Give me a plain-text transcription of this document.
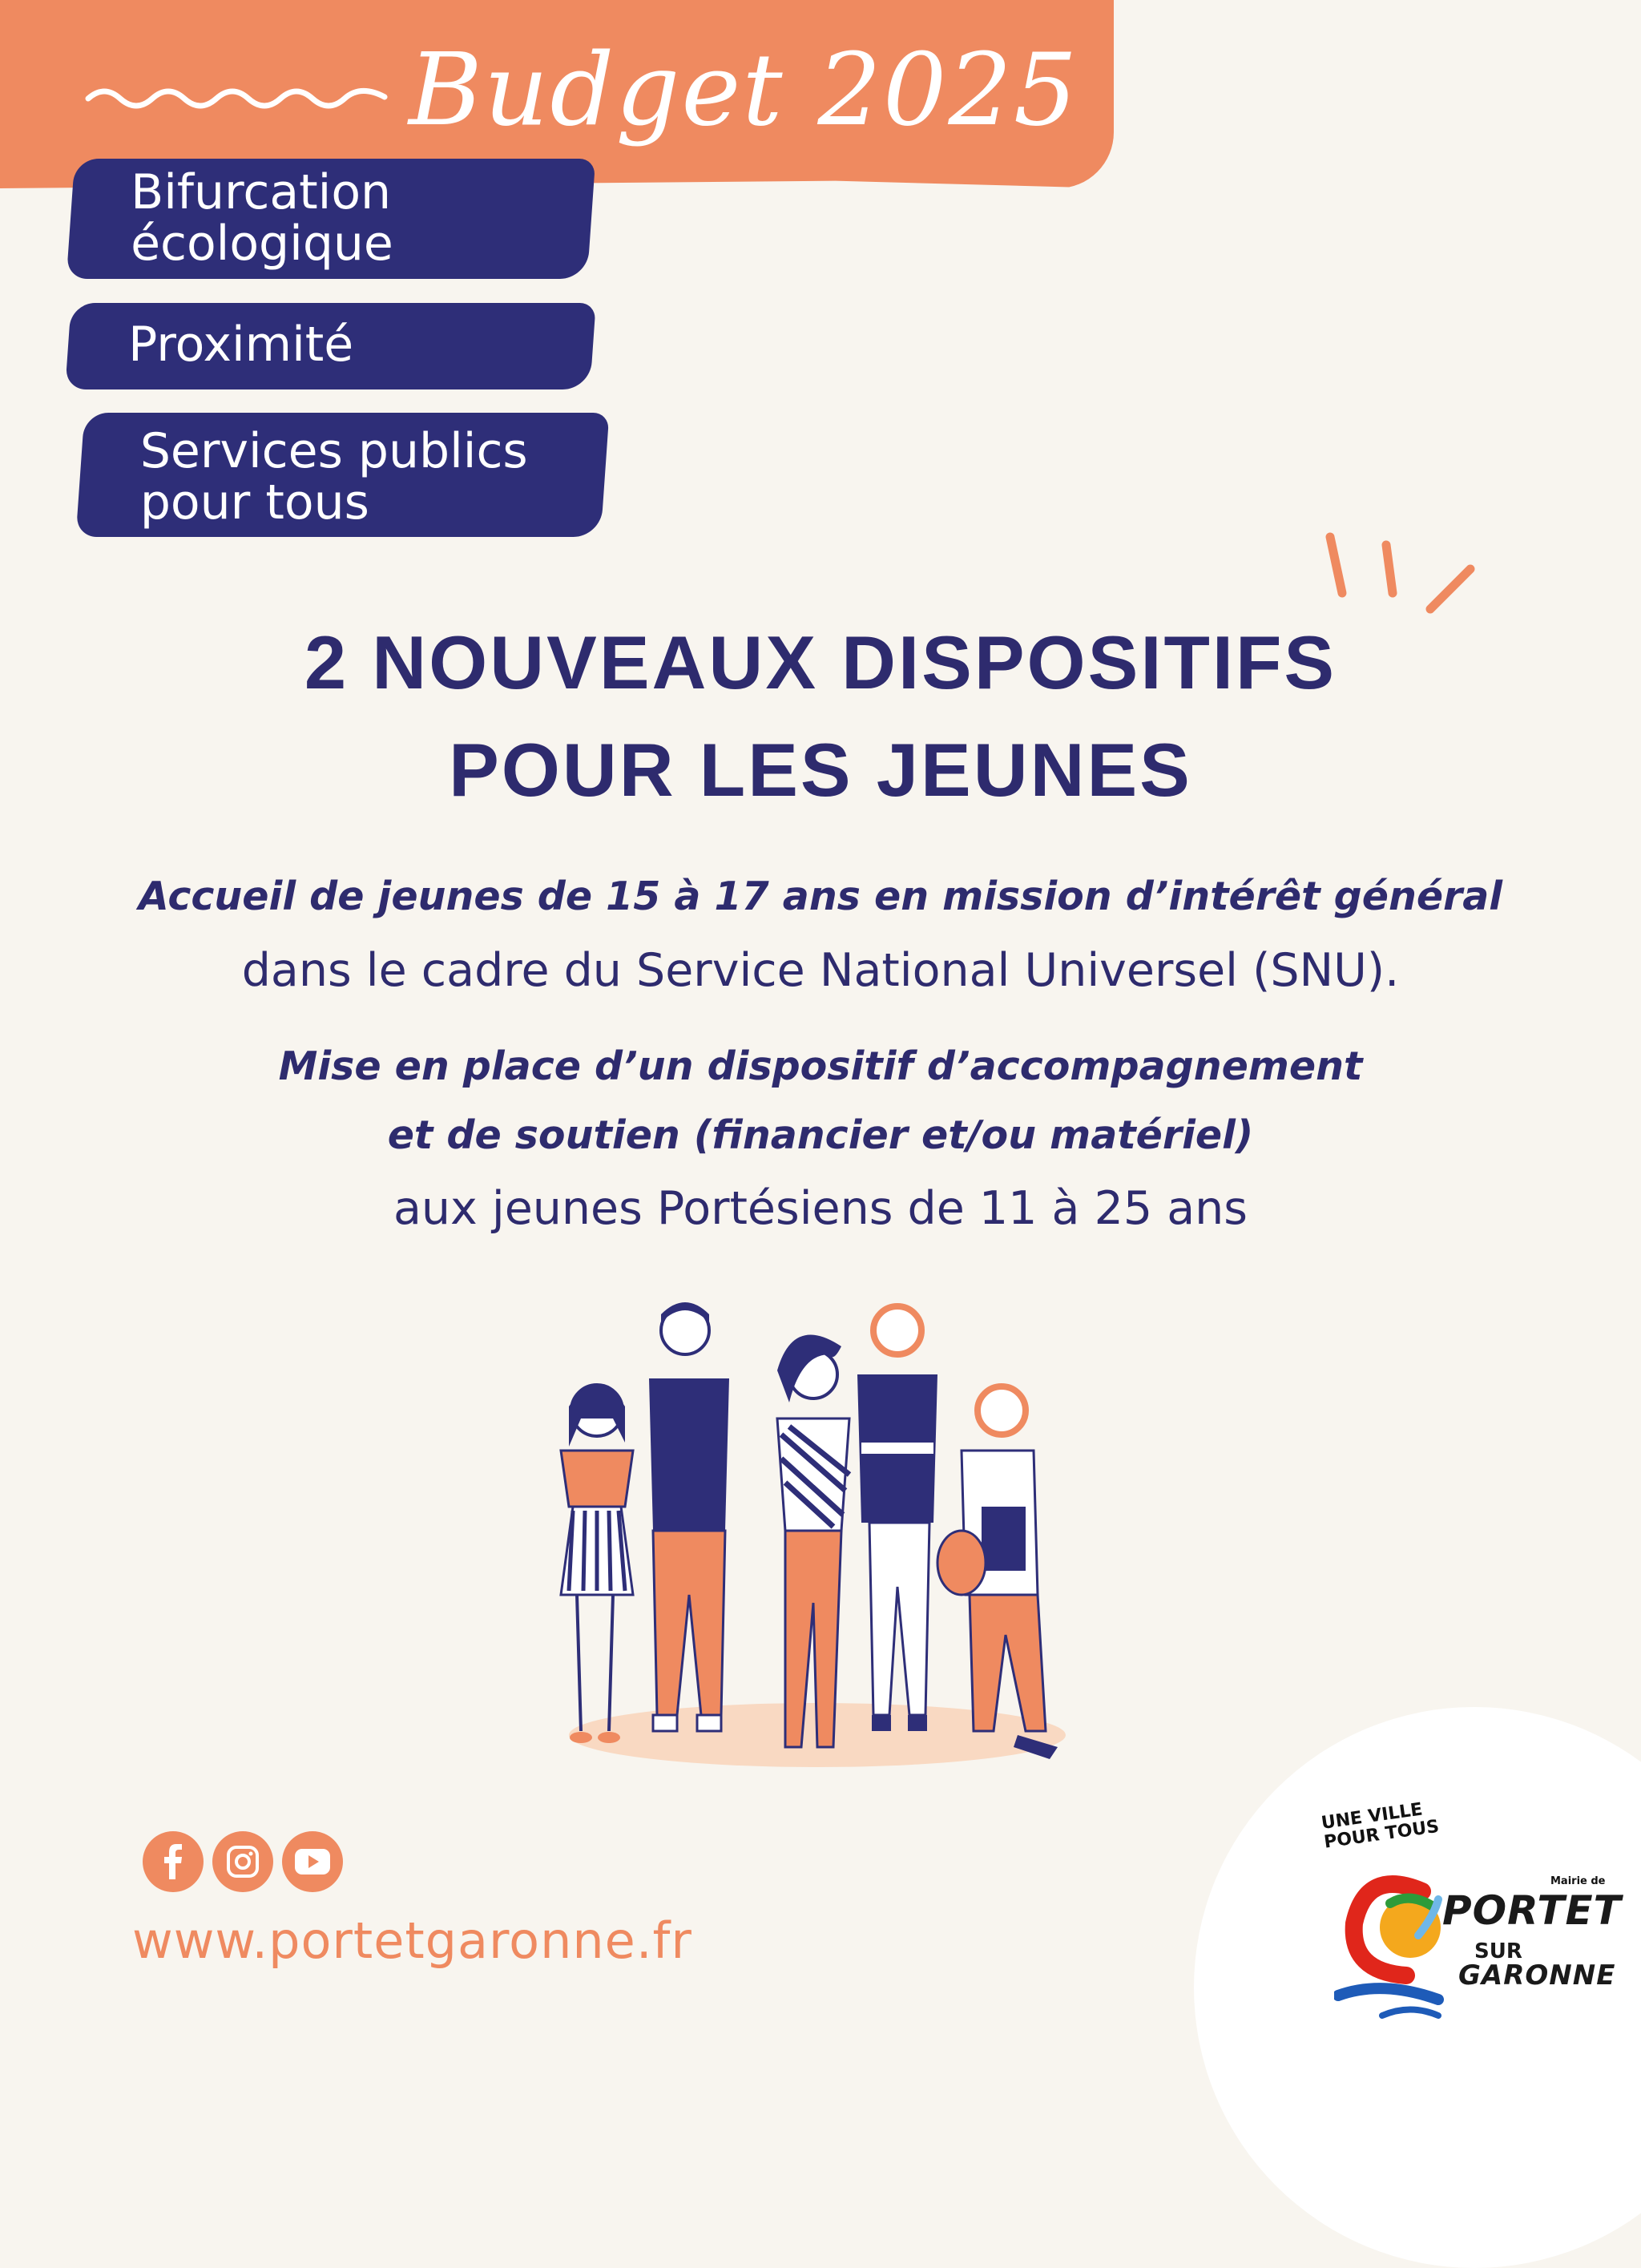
Budget 2025
Bifurcation
écologique
Proximité
Services publics
pour tous
2 NOUVEAUX DISPOSITIFS
POUR LES JEUNES
Accueil de jeunes de 15 à 17 ans en mission d’intérêt général
dans le cadre du Service National Universel (SNU).
Mise en place d’un dispositif d’accompagnement
et de soutien (financier et/ou matériel)
aux jeunes Portésiens de 11 à 25 ans
www.portetgaronne.fr
UNE VILLE POUR TOUS
Mairie de
PORTET
SUR
GARONNE
